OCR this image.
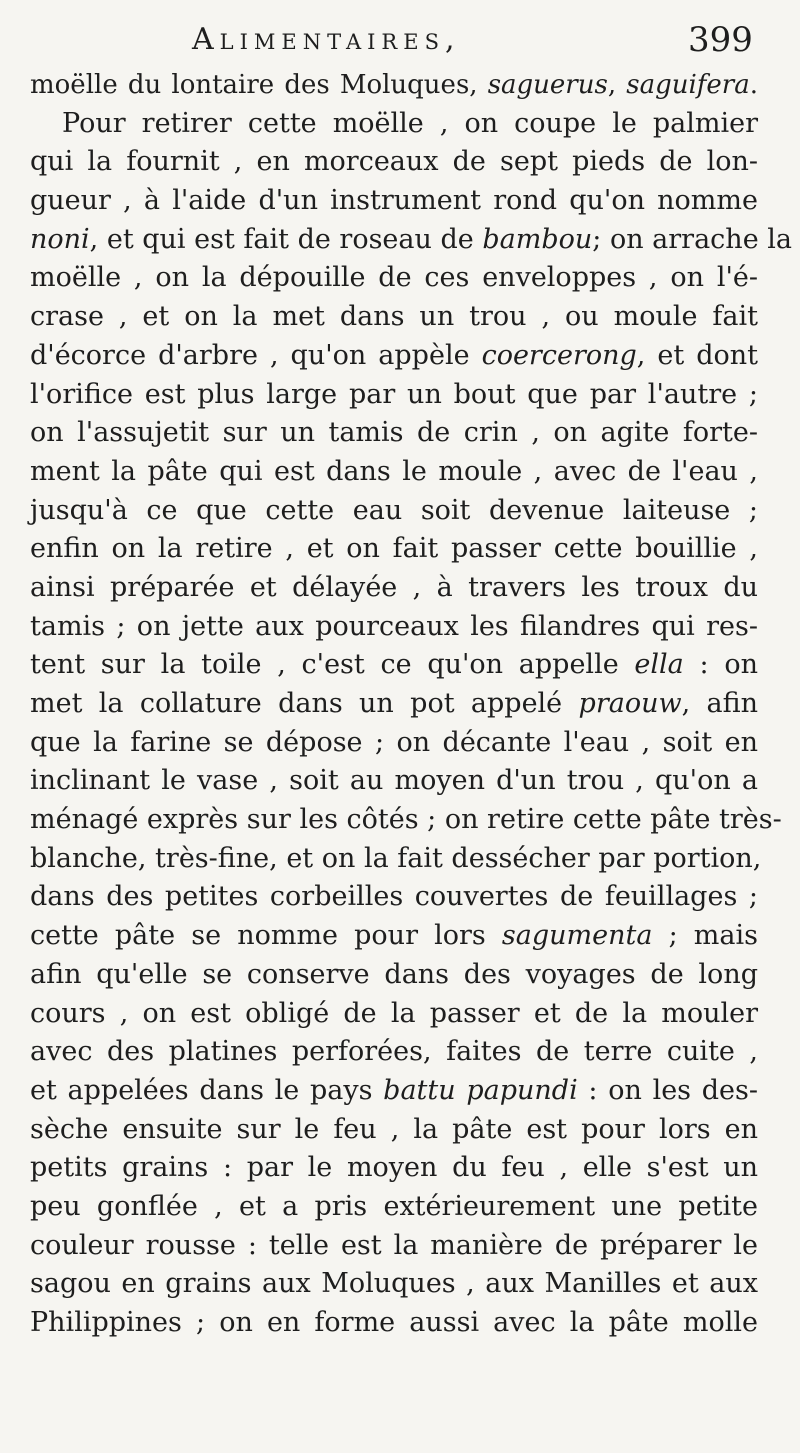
Alimentaires,	399
moëlle du lontaire des Moluques, saguerus, saguifera.
Pour retirer cette moëlle , on coupe le palmier
qui la fournit , en morceaux de sept pieds de lon-
gueur , à l'aide d'un instrument rond qu'on nomme
noni, et qui est fait de roseau de bambou; on arrache la
moëlle , on la dépouille de ces enveloppes , on l'é-
crase , et on la met dans un trou , ou moule fait
d'écorce d'arbre , qu'on appèle coercerong, et dont
l'orifice est plus large par un bout que par l'autre ;
on l'assujetit sur un tamis de crin , on agite forte-
ment la pâte qui est dans le moule , avec de l'eau ,
jusqu'à ce que cette eau soit devenue laiteuse ;
enfin on la retire , et on fait passer cette bouillie ,
ainsi préparée et délayée , à travers les troux du
tamis ; on jette aux pourceaux les filandres qui res-
tent sur la toile , c'est ce qu'on appelle ella : on
met la collature dans un pot appelé praouw, afin
que la farine se dépose ; on décante l'eau , soit en
inclinant le vase , soit au moyen d'un trou , qu'on a
ménagé exprès sur les côtés ; on retire cette pâte très-
blanche, très-fine, et on la fait dessécher par portion,
dans des petites corbeilles couvertes de feuillages ;
cette pâte se nomme pour lors sagumenta ; mais
afin qu'elle se conserve dans des voyages de long
cours , on est obligé de la passer et de la mouler
avec des platines perforées, faites de terre cuite ,
et appelées dans le pays battu papundi : on les des-
sèche ensuite sur le feu , la pâte est pour lors en
petits grains : par le moyen du feu , elle s'est un
peu gonflée , et a pris extérieurement une petite
couleur rousse : telle est la manière de préparer le
sagou en grains aux Moluques , aux Manilles et aux
Philippines ; on en forme aussi avec la pâte molle
